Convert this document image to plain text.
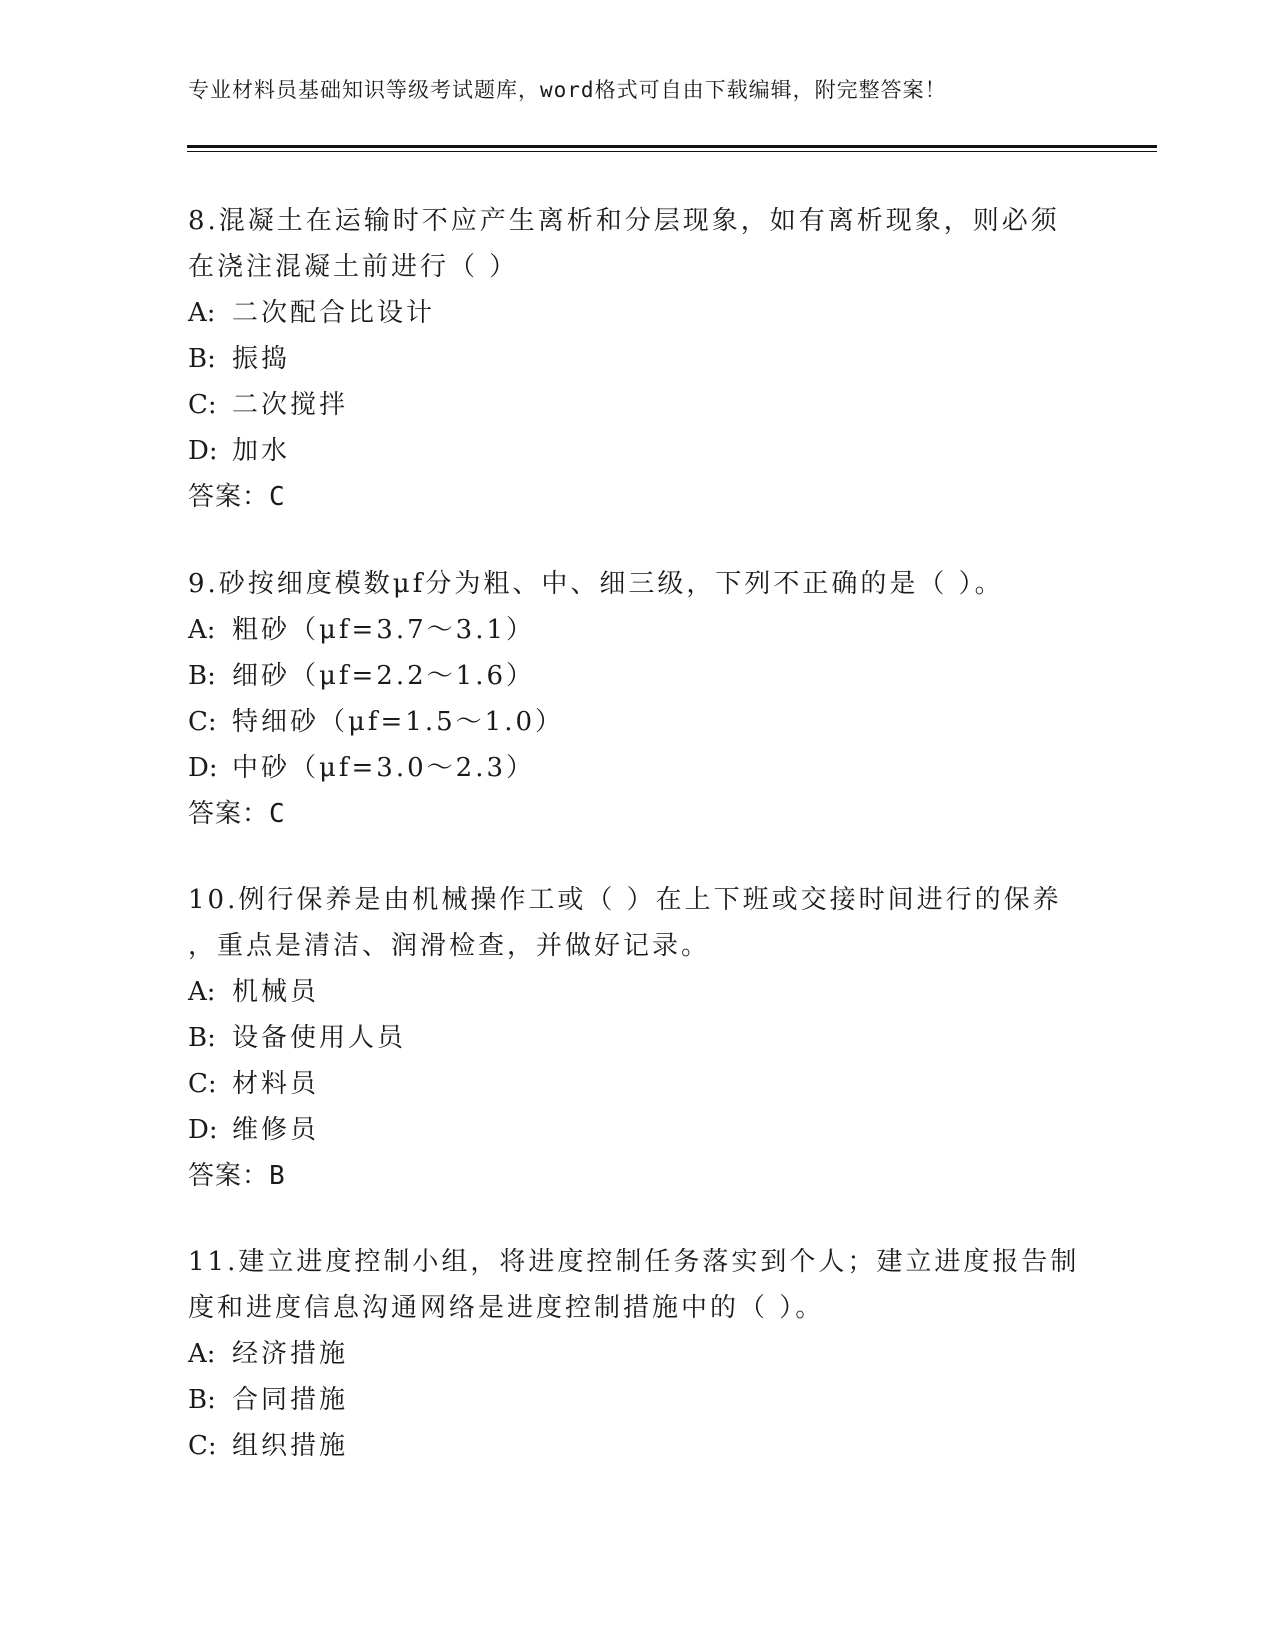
专业材料员基础知识等级考试题库，word格式可自由下载编辑，附完整答案！
8.混凝土在运输时不应产生离析和分层现象，如有离析现象，则必须
在浇注混凝土前进行（ ）
A: 二次配合比设计
B: 振捣
C: 二次搅拌
D: 加水
答案：C
9.砂按细度模数μf分为粗、中、细三级，下列不正确的是（ ）。
A: 粗砂（μf=3.7～3.1）
B: 细砂（μf=2.2～1.6）
C: 特细砂（μf=1.5～1.0）
D: 中砂（μf=3.0～2.3）
答案：C
10.例行保养是由机械操作工或（ ）在上下班或交接时间进行的保养
，重点是清洁、润滑检查，并做好记录。
A: 机械员
B: 设备使用人员
C: 材料员
D: 维修员
答案：B
11.建立进度控制小组，将进度控制任务落实到个人；建立进度报告制
度和进度信息沟通网络是进度控制措施中的（ ）。
A: 经济措施
B: 合同措施
C: 组织措施
